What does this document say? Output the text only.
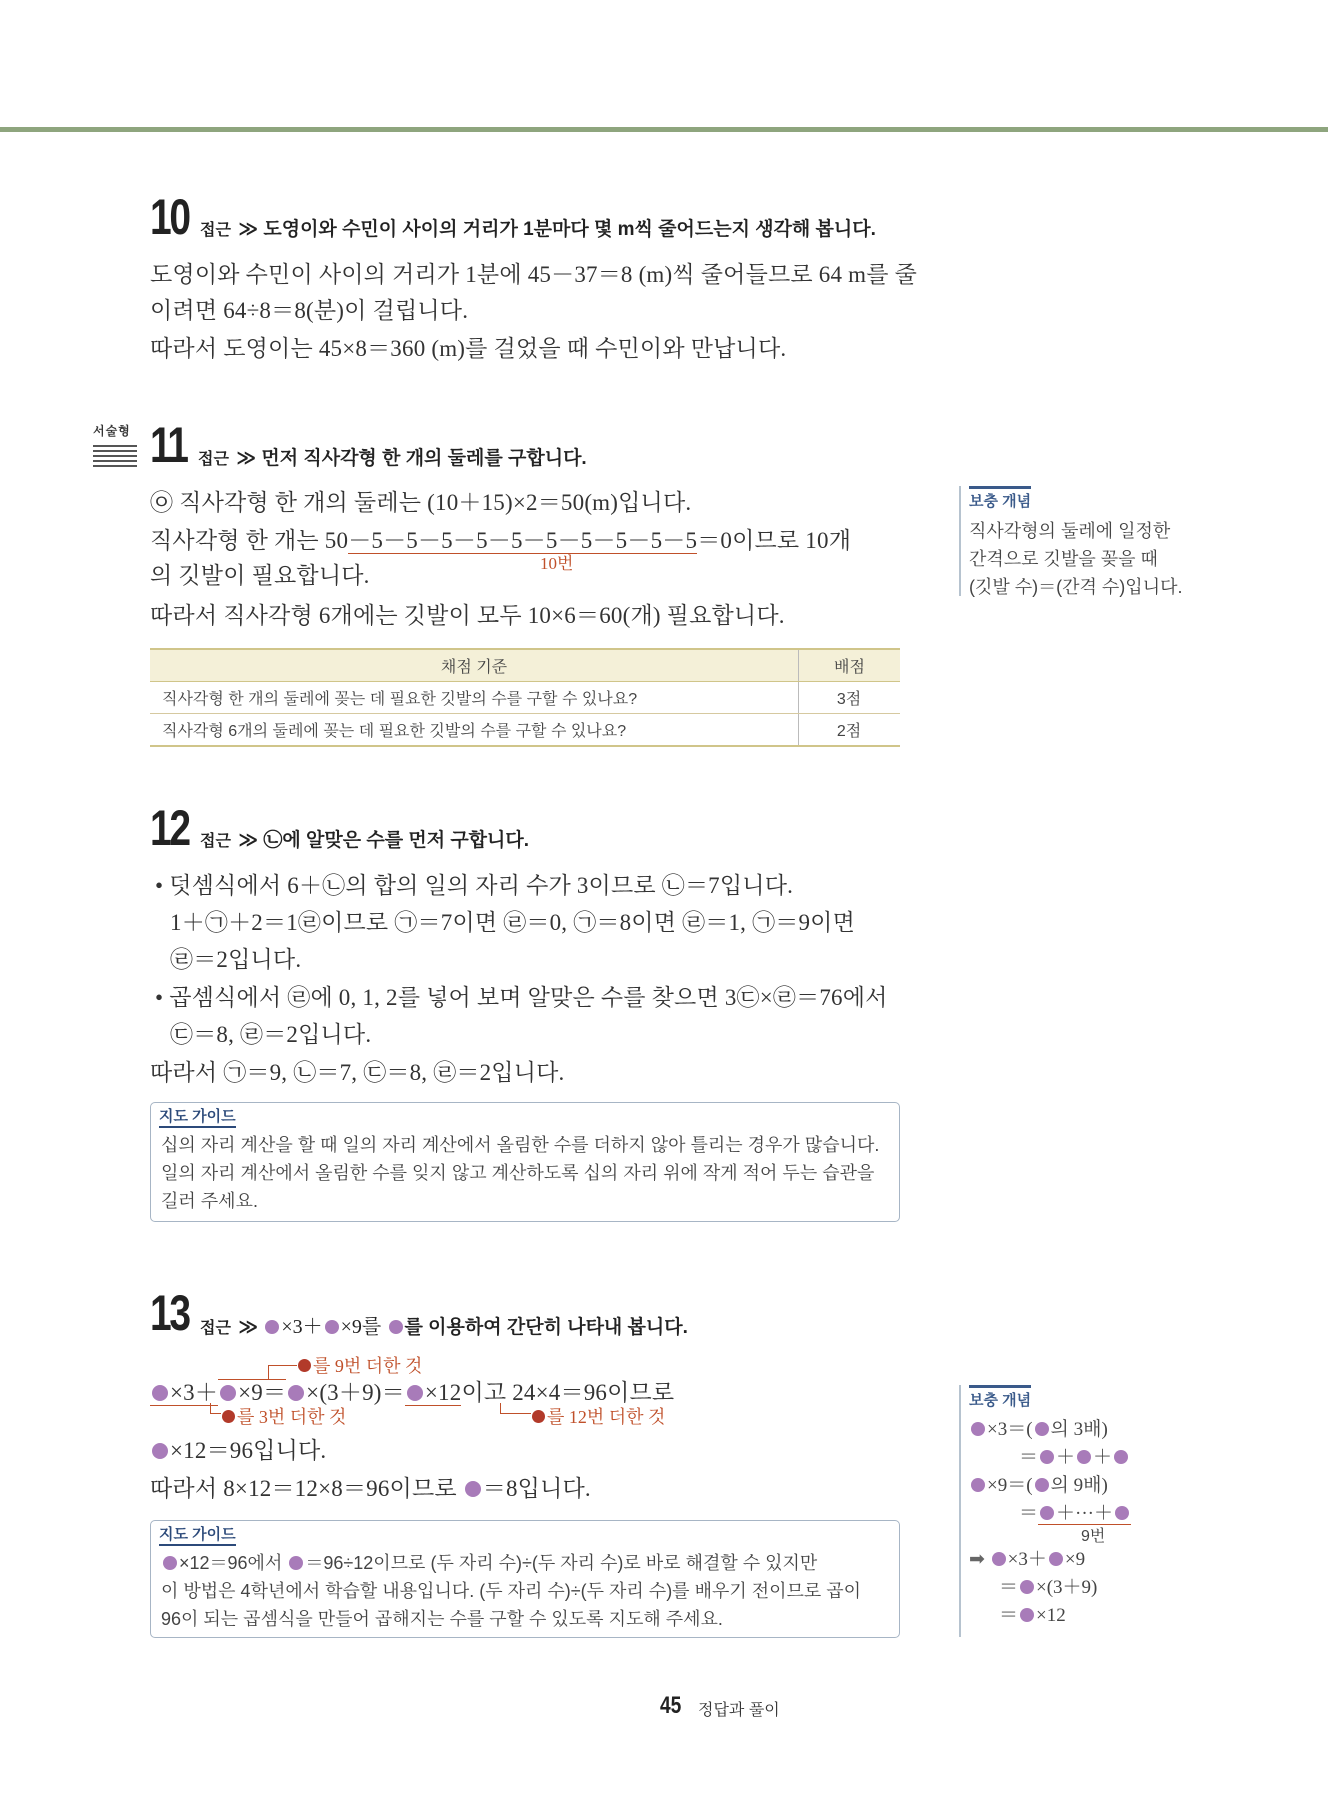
10 접근 ≫ 도영이와 수민이 사이의 거리가 1분마다 몇 m씩 줄어드는지 생각해 봅니다.
도영이와 수민이 사이의 거리가 1분에 45－37＝8 (m)씩 줄어들므로 64 m를 줄
이려면 64÷8＝8(분)이 걸립니다.
따라서 도영이는 45×8＝360 (m)를 걸었을 때 수민이와 만납니다.
서술형 11 접근 ≫ 먼저 직사각형 한 개의 둘레를 구합니다.
㉧ 직사각형 한 개의 둘레는 (10＋15)×2＝50(m)입니다.
직사각형 한 개는 50－5－5－5－5－5－5－5－5－5－5＝0이므로 10개
10번
의 깃발이 필요합니다.
따라서 직사각형 6개에는 깃발이 모두 10×6＝60(개) 필요합니다.
채점 기준	배점
직사각형 한 개의 둘레에 꽂는 데 필요한 깃발의 수를 구할 수 있나요?	3점
직사각형 6개의 둘레에 꽂는 데 필요한 깃발의 수를 구할 수 있나요?	2점
보충 개념
직사각형의 둘레에 일정한
간격으로 깃발을 꽂을 때
(깃발 수)＝(간격 수)입니다.
12 접근 ≫ ㉡에 알맞은 수를 먼저 구합니다.
• 덧셈식에서 6＋㉡의 합의 일의 자리 수가 3이므로 ㉡＝7입니다.
1＋㉠＋2＝1㉣이므로 ㉠＝7이면 ㉣＝0, ㉠＝8이면 ㉣＝1, ㉠＝9이면
㉣＝2입니다.
• 곱셈식에서 ㉣에 0, 1, 2를 넣어 보며 알맞은 수를 찾으면 3㉢×㉣＝76에서
㉢＝8, ㉣＝2입니다.
따라서 ㉠＝9, ㉡＝7, ㉢＝8, ㉣＝2입니다.
지도 가이드
십의 자리 계산을 할 때 일의 자리 계산에서 올림한 수를 더하지 않아 틀리는 경우가 많습니다.
일의 자리 계산에서 올림한 수를 잊지 않고 계산하도록 십의 자리 위에 작게 적어 두는 습관을
길러 주세요.
13 접근 ≫ ×3＋ ×9를 를 이용하여 간단히 나타내 봅니다.
를 9번 더한 것
×3＋ ×9＝ ×(3＋9)＝ ×12이고 24×4＝96이므로
를 3번 더한 것	를 12번 더한 것
×12＝96입니다.
따라서 8×12＝12×8＝96이므로 ＝8입니다.
지도 가이드
×12＝96에서 ＝96÷12이므로 (두 자리 수)÷(두 자리 수)로 바로 해결할 수 있지만
이 방법은 4학년에서 학습할 내용입니다. (두 자리 수)÷(두 자리 수)를 배우기 전이므로 곱이
96이 되는 곱셈식을 만들어 곱해지는 수를 구할 수 있도록 지도해 주세요.
보충 개념
×3＝( 의 3배)
＝ ＋ ＋
×9＝( 의 9배)
＝ ＋···＋
9번
➡ ×3＋ ×9
＝ ×(3＋9)
＝ ×12
45 정답과 풀이
